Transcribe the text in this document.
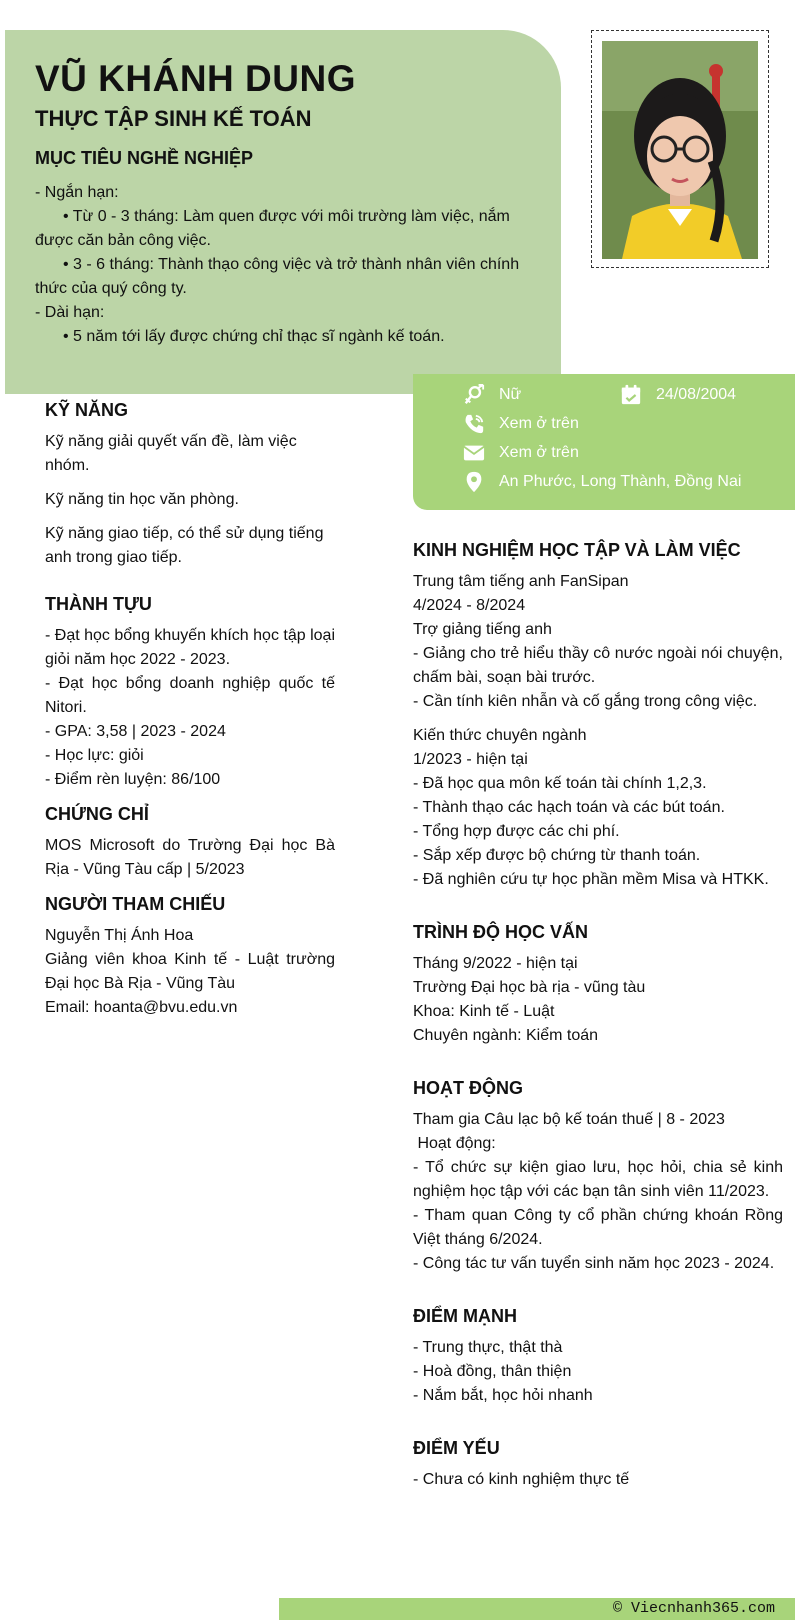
VŨ KHÁNH DUNG
THỰC TẬP SINH KẾ TOÁN
MỤC TIÊU NGHỀ NGHIỆP

- Ngắn hạn:

• Từ 0 - 3 tháng: Làm quen được với môi trường làm việc, nắm được căn bản công việc.

• 3 - 6 tháng: Thành thạo công việc và trở thành nhân viên chính thức của quý công ty.

- Dài hạn:

• 5 năm tới lấy được chứng chỉ thạc sĩ ngành kế toán.

Nữ	24/08/2004
Xem ở trên
Xem ở trên
An Phước, Long Thành, Đồng Nai
KỸ NĂNG

Kỹ năng giải quyết vấn đề, làm việc nhóm.

Kỹ năng tin học văn phòng.

Kỹ năng giao tiếp, có thể sử dụng tiếng anh trong giao tiếp.

THÀNH TỰU

- Đạt học bổng khuyến khích học tập loại giỏi năm học 2022 - 2023.

- Đạt học bổng doanh nghiệp quốc tế Nitori.

- GPA: 3,58 | 2023 - 2024

- Học lực: giỏi

- Điểm rèn luyện: 86/100

CHỨNG CHỈ

MOS Microsoft do Trường Đại học Bà Rịa - Vũng Tàu cấp | 5/2023

NGƯỜI THAM CHIẾU

Nguyễn Thị Ánh Hoa

Giảng viên khoa Kinh tế - Luật trường Đại học Bà Rịa - Vũng Tàu

Email: hoanta@bvu.edu.vn

KINH NGHIỆM HỌC TẬP VÀ LÀM VIỆC

Trung tâm tiếng anh FanSipan

4/2024 - 8/2024

Trợ giảng tiếng anh

- Giảng cho trẻ hiểu thầy cô nước ngoài nói chuyện, chấm bài, soạn bài trước.

- Cần tính kiên nhẫn và cố gắng trong công việc.

Kiến thức chuyên ngành

1/2023 - hiện tại

- Đã học qua môn kế toán tài chính 1,2,3.

- Thành thạo các hạch toán và các bút toán.

- Tổng hợp được các chi phí.

- Sắp xếp được bộ chứng từ thanh toán.

- Đã nghiên cứu tự học phần mềm Misa và HTKK.

TRÌNH ĐỘ HỌC VẤN

Tháng 9/2022 - hiện tại

Trường Đại học bà rịa - vũng tàu

Khoa: Kinh tế - Luật

Chuyên ngành: Kiểm toán

HOẠT ĐỘNG

Tham gia Câu lạc bộ kế toán thuế | 8 - 2023

Hoạt động:

- Tổ chức sự kiện giao lưu, học hỏi, chia sẻ kinh nghiệm học tập với các bạn tân sinh viên 11/2023.

- Tham quan Công ty cổ phần chứng khoán Rồng Việt tháng 6/2024.

- Công tác tư vấn tuyển sinh năm học 2023 - 2024.

ĐIỂM MẠNH

- Trung thực, thật thà

- Hoà đồng, thân thiện

- Nắm bắt, học hỏi nhanh

ĐIỂM YẾU

- Chưa có kinh nghiệm thực tế

© Viecnhanh365.com
